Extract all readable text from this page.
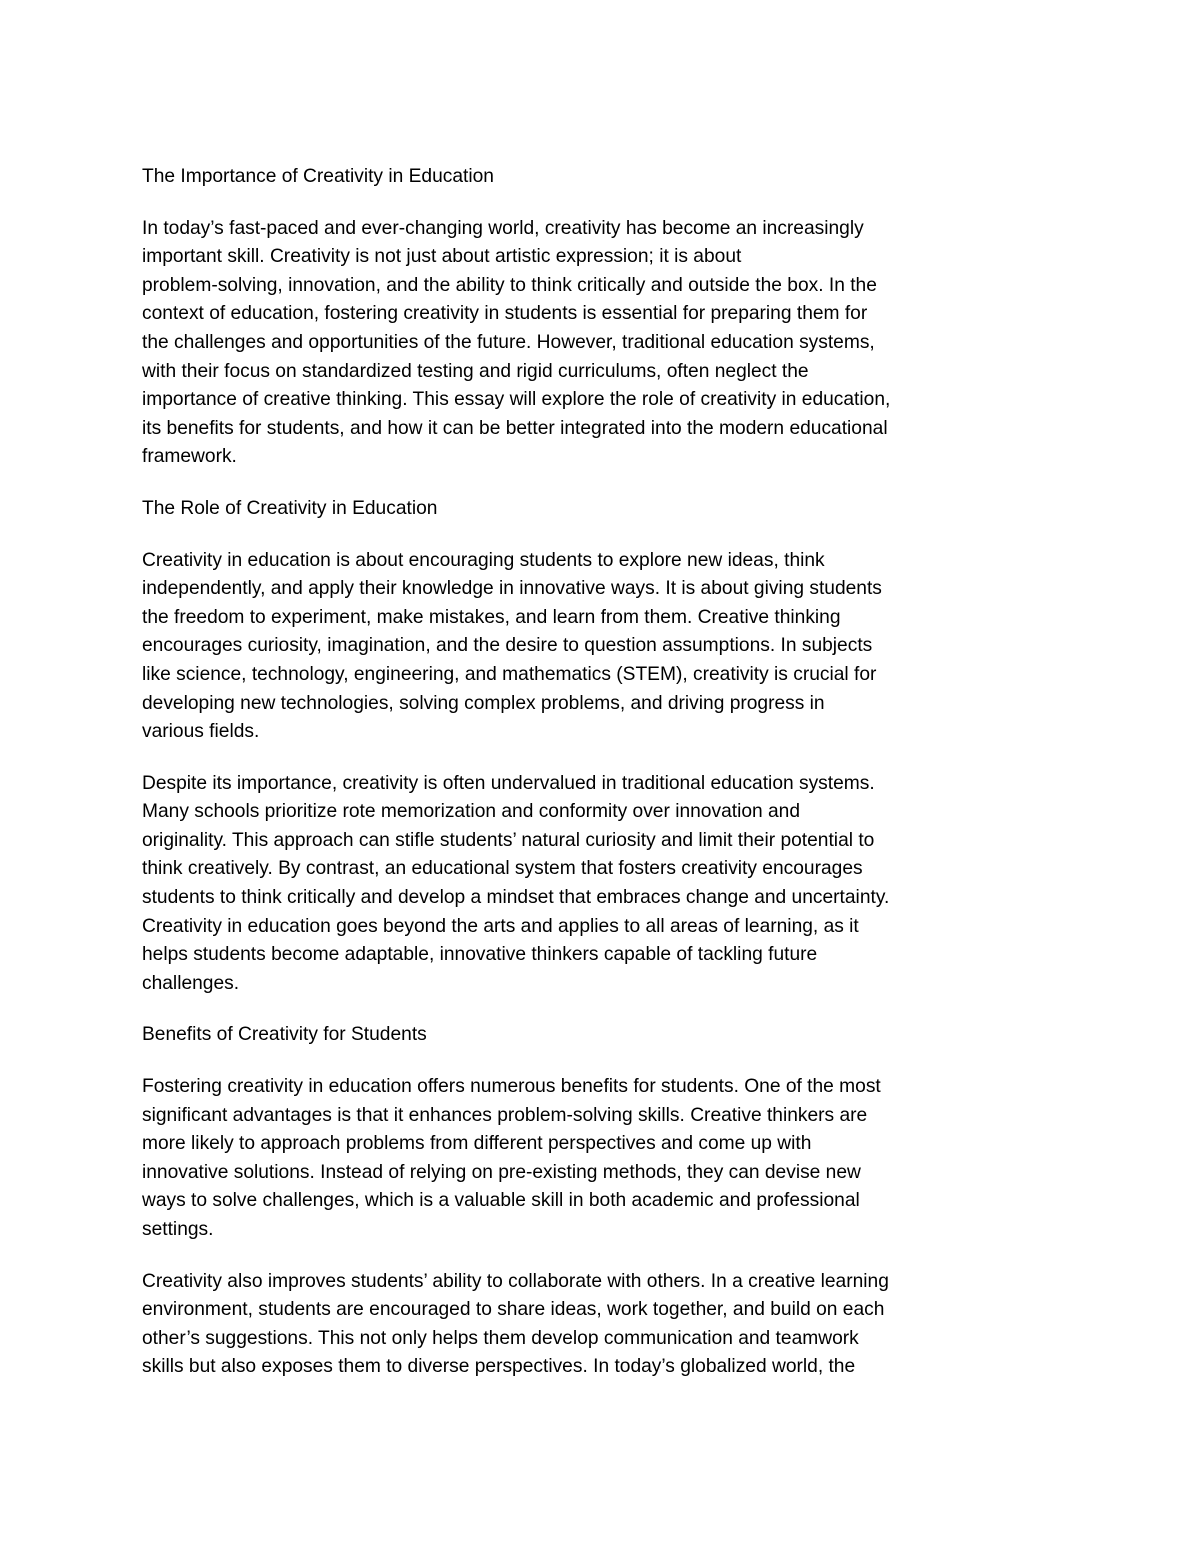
The Importance of Creativity in Education
In today’s fast-paced and ever-changing world, creativity has become an increasingly
important skill. Creativity is not just about artistic expression; it is about
problem-solving, innovation, and the ability to think critically and outside the box. In the
context of education, fostering creativity in students is essential for preparing them for
the challenges and opportunities of the future. However, traditional education systems,
with their focus on standardized testing and rigid curriculums, often neglect the
importance of creative thinking. This essay will explore the role of creativity in education,
its benefits for students, and how it can be better integrated into the modern educational
framework.
The Role of Creativity in Education
Creativity in education is about encouraging students to explore new ideas, think
independently, and apply their knowledge in innovative ways. It is about giving students
the freedom to experiment, make mistakes, and learn from them. Creative thinking
encourages curiosity, imagination, and the desire to question assumptions. In subjects
like science, technology, engineering, and mathematics (STEM), creativity is crucial for
developing new technologies, solving complex problems, and driving progress in
various fields.
Despite its importance, creativity is often undervalued in traditional education systems.
Many schools prioritize rote memorization and conformity over innovation and
originality. This approach can stifle students’ natural curiosity and limit their potential to
think creatively. By contrast, an educational system that fosters creativity encourages
students to think critically and develop a mindset that embraces change and uncertainty.
Creativity in education goes beyond the arts and applies to all areas of learning, as it
helps students become adaptable, innovative thinkers capable of tackling future
challenges.
Benefits of Creativity for Students
Fostering creativity in education offers numerous benefits for students. One of the most
significant advantages is that it enhances problem-solving skills. Creative thinkers are
more likely to approach problems from different perspectives and come up with
innovative solutions. Instead of relying on pre-existing methods, they can devise new
ways to solve challenges, which is a valuable skill in both academic and professional
settings.
Creativity also improves students’ ability to collaborate with others. In a creative learning
environment, students are encouraged to share ideas, work together, and build on each
other’s suggestions. This not only helps them develop communication and teamwork
skills but also exposes them to diverse perspectives. In today’s globalized world, the
